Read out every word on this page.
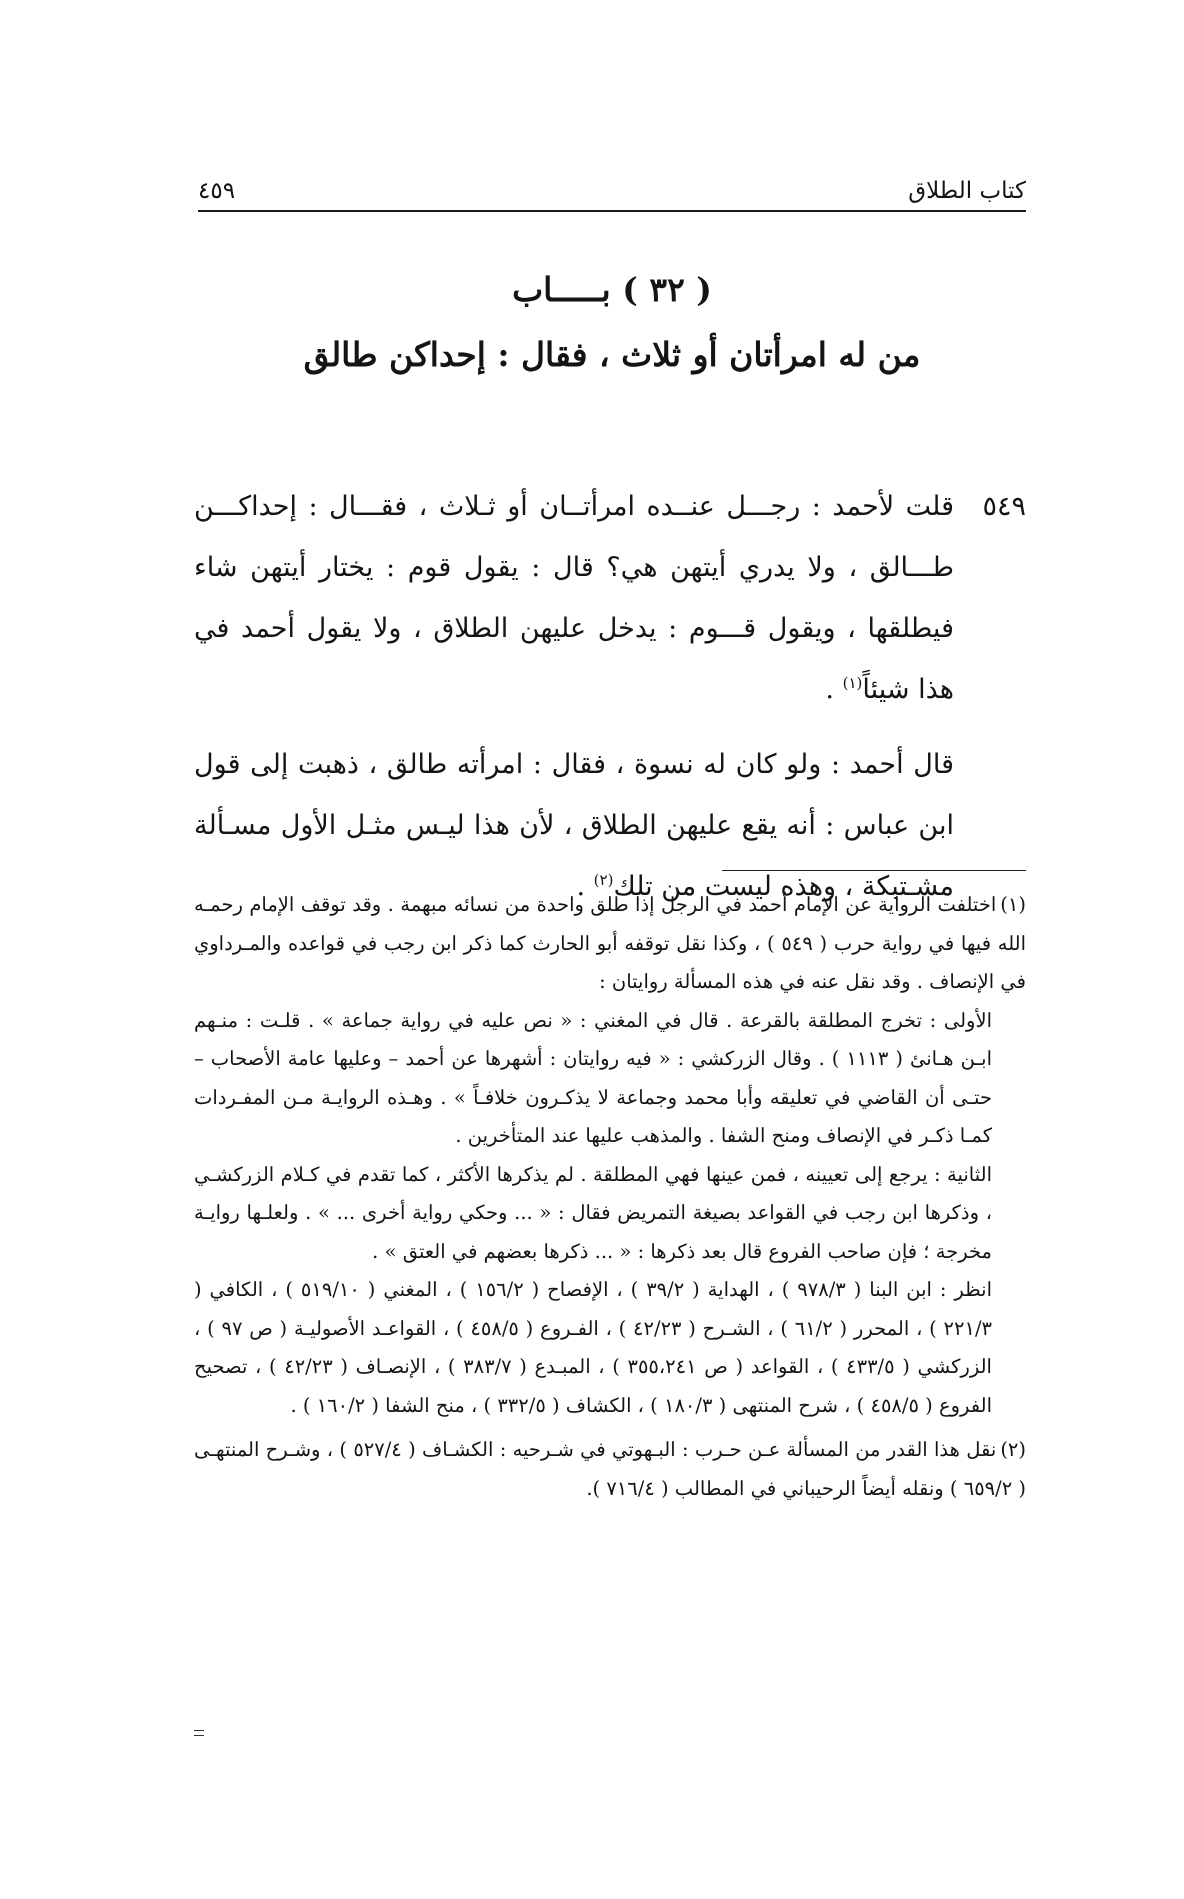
كتاب الطلاق
٤٥٩
( ٣٢ ) بـــــاب
من له امرأتان أو ثلاث ، فقال : إحداكن طالق

٥٤٩
قلت لأحمد : رجـــل عنــده امرأتــان أو ثـلاث ، فقـــال : إحداكـــن طـــالق ، ولا يدري أيتهن هي؟ قال : يقول قوم : يختار أيتهن شاء فيطلقها ، ويقول قـــوم : يدخل عليهن الطلاق ، ولا يقول أحمد في هذا شيئاً$^{(١)}$ .

قال أحمد : ولو كان له نسوة ، فقال : امرأته طالق ، ذهبت إلى قول ابن عباس : أنه يقع عليهن الطلاق ، لأن هذا ليـس مثـل الأول مسـألة مشـتبكة ، وهذه ليست من تلك$^{(٢)}$ .

(١)اختلفت الرواية عن الإمام أحمد في الرجل إذا طلق واحدة من نسائه مبهمة . وقد توقف الإمام رحمـه الله فيها في رواية حرب ( ٥٤٩ ) ، وكذا نقل توقفه أبو الحارث كما ذكر ابن رجب في قواعده والمـرداوي في الإنصاف . وقد نقل عنه في هذه المسألة روايتان :

الأولى : تخرج المطلقة بالقرعة . قال في المغني : « نص عليه في رواية جماعة » . قلـت : منـهم ابـن هـانئ ( ١١١٣ ) . وقال الزركشي : « فيه روايتان : أشهرها عن أحمد – وعليها عامة الأصحاب – حتـى أن القاضي في تعليقه وأبا محمد وجماعة لا يذكـرون خلافـاً » . وهـذه الروايـة مـن المفـردات كمـا ذكـر في الإنصاف ومنح الشفا . والمذهب عليها عند المتأخرين .

الثانية : يرجع إلى تعيينه ، فمن عينها فهي المطلقة . لم يذكرها الأكثر ، كما تقدم في كـلام الزركشـي ، وذكرها ابن رجب في القواعد بصيغة التمريض فقال : « ... وحكي رواية أخرى ... » . ولعلـها روايـة مخرجة ؛ فإن صاحب الفروع قال بعد ذكرها : « ... ذكرها بعضهم في العتق » .

انظر : ابن البنا ( ٩٧٨/٣ ) ، الهداية ( ٣٩/٢ ) ، الإفصاح ( ١٥٦/٢ ) ، المغني ( ٥١٩/١٠ ) ، الكافي ( ٢٢١/٣ ) ، المحرر ( ٦١/٢ ) ، الشـرح ( ٤٢/٢٣ ) ، الفـروع ( ٤٥٨/٥ ) ، القواعـد الأصوليـة ( ص ٩٧ ) ، الزركشي ( ٤٣٣/٥ ) ، القواعد ( ص ٣٥٥،٢٤١ ) ، المبـدع ( ٣٨٣/٧ ) ، الإنصـاف ( ٤٢/٢٣ ) ، تصحيح الفروع ( ٤٥٨/٥ ) ، شرح المنتهى ( ١٨٠/٣ ) ، الكشاف ( ٣٣٢/٥ ) ، منح الشفا ( ١٦٠/٢ ) .

(٢)نقل هذا القدر من المسألة عـن حـرب : البـهوتي في شـرحيه : الكشـاف ( ٥٢٧/٤ ) ، وشـرح المنتهـى ( ٦٥٩/٢ ) ونقله أيضاً الرحيباني في المطالب ( ٧١٦/٤ ).
